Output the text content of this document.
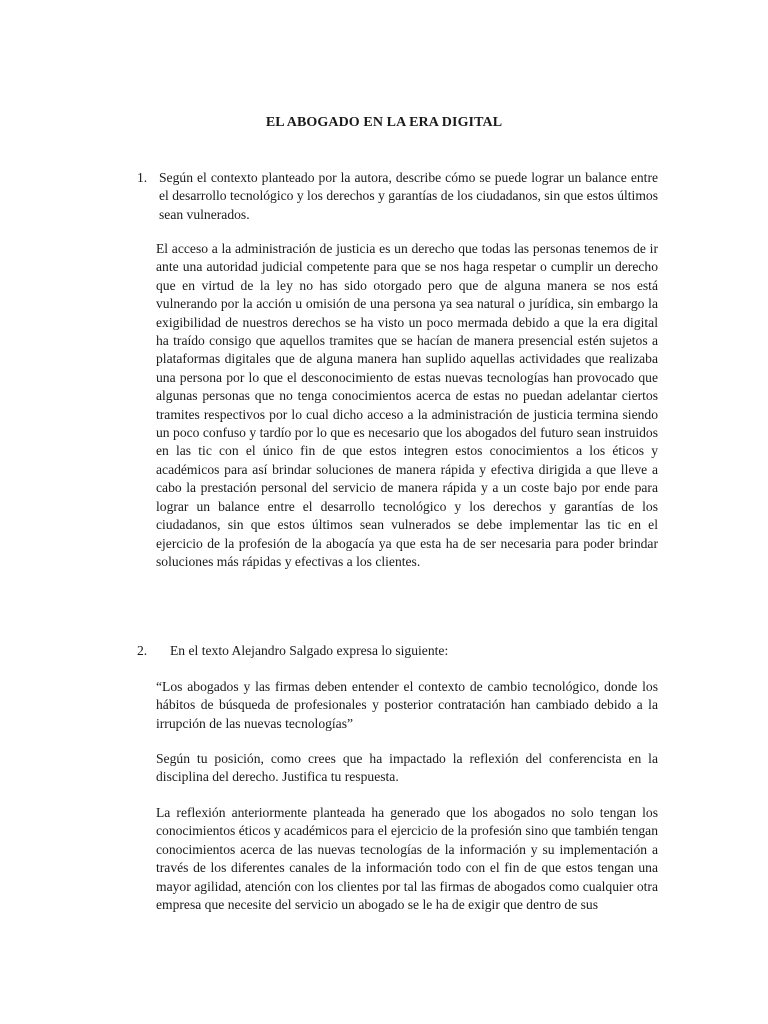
EL ABOGADO EN LA ERA DIGITAL
1. Según el contexto planteado por la autora, describe cómo se puede lograr un balance entre el desarrollo tecnológico y los derechos y garantías de los ciudadanos, sin que estos últimos sean vulnerados.

El acceso a la administración de justicia es un derecho que todas las personas tenemos de ir ante una autoridad judicial competente para que se nos haga respetar o cumplir un derecho que en virtud de la ley no has sido otorgado pero que de alguna manera se nos está vulnerando por la acción u omisión de una persona ya sea natural o jurídica, sin embargo la exigibilidad de nuestros derechos se ha visto un poco mermada debido a que la era digital ha traído consigo que aquellos tramites que se hacían de manera presencial estén sujetos a plataformas digitales que de alguna manera han suplido aquellas actividades que realizaba una persona por lo que el desconocimiento de estas nuevas tecnologías han provocado que algunas personas que no tenga conocimientos acerca de estas no puedan adelantar ciertos tramites respectivos por lo cual dicho acceso a la administración de justicia termina siendo un poco confuso y tardío por lo que es necesario que los abogados del futuro sean instruidos en las tic con el único fin de que estos integren estos conocimientos a los éticos y académicos para así brindar soluciones de manera rápida y efectiva dirigida a que lleve a cabo la prestación personal del servicio de manera rápida y a un coste bajo por ende para lograr un balance entre el desarrollo tecnológico y los derechos y garantías de los ciudadanos, sin que estos últimos sean vulnerados se debe implementar las tic en el ejercicio de la profesión de la abogacía ya que esta ha de ser necesaria para poder brindar soluciones más rápidas y efectivas a los clientes.

2. En el texto Alejandro Salgado expresa lo siguiente:

“Los abogados y las firmas deben entender el contexto de cambio tecnológico, donde los hábitos de búsqueda de profesionales y posterior contratación han cambiado debido a la irrupción de las nuevas tecnologías”

Según tu posición, como crees que ha impactado la reflexión del conferencista en la disciplina del derecho. Justifica tu respuesta.

La reflexión anteriormente planteada ha generado que los abogados no solo tengan los conocimientos éticos y académicos para el ejercicio de la profesión sino que también tengan conocimientos acerca de las nuevas tecnologías de la información y su implementación a través de los diferentes canales de la información todo con el fin de que estos tengan una mayor agilidad, atención con los clientes por tal las firmas de abogados como cualquier otra empresa que necesite del servicio un abogado se le ha de exigir que dentro de sus
